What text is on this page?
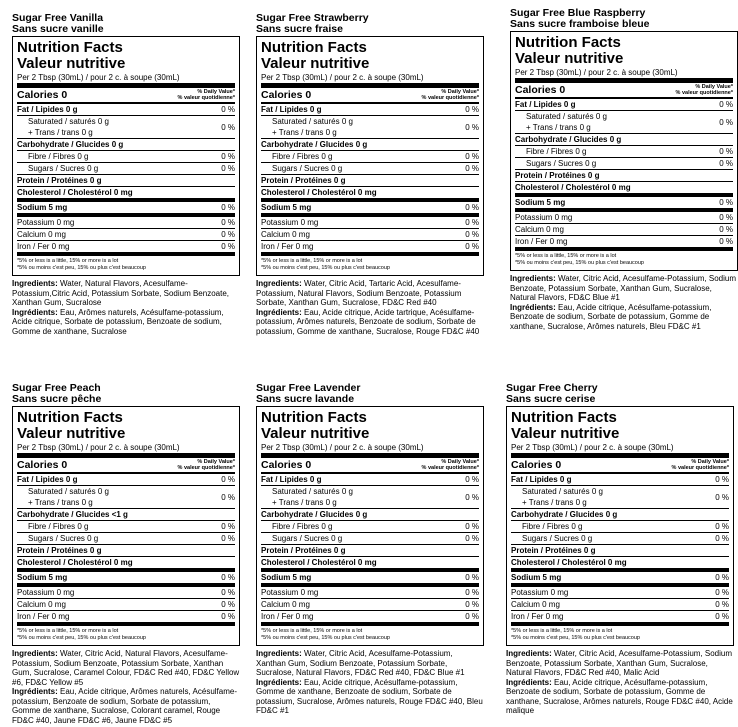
Sugar Free Vanilla
Sans sucre vanille
Nutrition Facts
Valeur nutritive
Per 2 Tbsp (30mL) / pour 2 c. à soupe (30mL)
Calories 0	% Daily Value*
% valeur quotidienne*
Fat / Lipides 0 g	0 %
Saturated / saturés 0 g
+ Trans / trans 0 g
0 %
Carbohydrate / Glucides 0 g
Fibre / Fibres 0 g	0 %
Sugars / Sucres 0 g	0 %
Protein / Protéines 0 g
Cholesterol / Cholestérol 0 mg
Sodium 5 mg	0 %
Potassium 0 mg	0 %
Calcium 0 mg	0 %
Iron / Fer 0 mg	0 %
*5% or less is a little, 15% or more is a lot
*5% ou moins c'est peu, 15% ou plus c'est beaucoup
Ingredients: Water, Natural Flavors, Acesulfame-Potassium,Citric Acid, Potassium Sorbate, Sodium Benzoate, Xanthan Gum, Sucralose
Ingrédients: Eau, Arômes naturels, Acésulfame-potassium, Acide citrique, Sorbate de potassium, Benzoate de sodium, Gomme de xanthane, Sucralose
Sugar Free Strawberry
Sans sucre fraise
Nutrition Facts
Valeur nutritive
Per 2 Tbsp (30mL) / pour 2 c. à soupe (30mL)
Calories 0	% Daily Value*
% valeur quotidienne*
Fat / Lipides 0 g	0 %
Saturated / saturés 0 g
+ Trans / trans 0 g
0 %
Carbohydrate / Glucides 0 g
Fibre / Fibres 0 g	0 %
Sugars / Sucres 0 g	0 %
Protein / Protéines 0 g
Cholesterol / Cholestérol 0 mg
Sodium 5 mg	0 %
Potassium 0 mg	0 %
Calcium 0 mg	0 %
Iron / Fer 0 mg	0 %
*5% or less is a little, 15% or more is a lot
*5% ou moins c'est peu, 15% ou plus c'est beaucoup
Ingredients: Water, Citric Acid, Tartaric Acid, Acesulfame-Potassium, Natural Flavors, Sodium Benzoate, Potassium Sorbate, Xanthan Gum, Sucralose, FD&C Red #40
Ingrédients: Eau, Acide citrique, Acide tartrique, Acésulfame-potassium, Arômes naturels, Benzoate de sodium, Sorbate de potassium, Gomme de xanthane, Sucralose, Rouge FD&C #40
Sugar Free Blue Raspberry
Sans sucre framboise bleue
Nutrition Facts
Valeur nutritive
Per 2 Tbsp (30mL) / pour 2 c. à soupe (30mL)
Calories 0	% Daily Value*
% valeur quotidienne*
Fat / Lipides 0 g	0 %
Saturated / saturés 0 g
+ Trans / trans 0 g
0 %
Carbohydrate / Glucides 0 g
Fibre / Fibres 0 g	0 %
Sugars / Sucres 0 g	0 %
Protein / Protéines 0 g
Cholesterol / Cholestérol 0 mg
Sodium 5 mg	0 %
Potassium 0 mg	0 %
Calcium 0 mg	0 %
Iron / Fer 0 mg	0 %
*5% or less is a little, 15% or more is a lot
*5% ou moins c'est peu, 15% ou plus c'est beaucoup
Ingredients: Water, Citric Acid, Acesulfame-Potassium, Sodium Benzoate, Potassium Sorbate, Xanthan Gum, Sucralose, Natural Flavors, FD&C Blue #1
Ingrédients: Eau, Acide citrique, Acésulfame-potassium, Benzoate de sodium, Sorbate de potassium, Gomme de xanthane, Sucralose, Arômes naturels, Bleu FD&C #1
Sugar Free Peach
Sans sucre pêche
Nutrition Facts
Valeur nutritive
Per 2 Tbsp (30mL) / pour 2 c. à soupe (30mL)
Calories 0	% Daily Value*
% valeur quotidienne*
Fat / Lipides 0 g	0 %
Saturated / saturés 0 g
+ Trans / trans 0 g
0 %
Carbohydrate / Glucides <1 g
Fibre / Fibres 0 g	0 %
Sugars / Sucres 0 g	0 %
Protein / Protéines 0 g
Cholesterol / Cholestérol 0 mg
Sodium 5 mg	0 %
Potassium 0 mg	0 %
Calcium 0 mg	0 %
Iron / Fer 0 mg	0 %
*5% or less is a little, 15% or more is a lot
*5% ou moins c'est peu, 15% ou plus c'est beaucoup
Ingredients: Water, Citric Acid, Natural Flavors, Acesulfame-Potassium, Sodium Benzoate, Potassium Sorbate, Xanthan Gum, Sucralose, Caramel Colour, FD&C Red #40, FD&C Yellow #6, FD&C Yellow #5
Ingrédients: Eau, Acide citrique, Arômes naturels, Acésulfame-potassium, Benzoate de sodium, Sorbate de potassium, Gomme de xanthane, Sucralose, Colorant caramel, Rouge FD&C #40, Jaune FD&C #6, Jaune FD&C #5
Sugar Free Lavender
Sans sucre lavande
Nutrition Facts
Valeur nutritive
Per 2 Tbsp (30mL) / pour 2 c. à soupe (30mL)
Calories 0	% Daily Value*
% valeur quotidienne*
Fat / Lipides 0 g	0 %
Saturated / saturés 0 g
+ Trans / trans 0 g
0 %
Carbohydrate / Glucides 0 g
Fibre / Fibres 0 g	0 %
Sugars / Sucres 0 g	0 %
Protein / Protéines 0 g
Cholesterol / Cholestérol 0 mg
Sodium 5 mg	0 %
Potassium 0 mg	0 %
Calcium 0 mg	0 %
Iron / Fer 0 mg	0 %
*5% or less is a little, 15% or more is a lot
*5% ou moins c'est peu, 15% ou plus c'est beaucoup
Ingredients: Water, Citric Acid, Acesulfame-Potassium, Xanthan Gum, Sodium Benzoate, Potassium Sorbate, Sucralose, Natural Flavors, FD&C Red #40, FD&C Blue #1
Ingrédients: Eau, Acide citrique, Acésulfame-potassium, Gomme de xanthane, Benzoate de sodium, Sorbate de potassium, Sucralose, Arômes naturels, Rouge FD&C #40, Bleu FD&C #1
Sugar Free Cherry
Sans sucre cerise
Nutrition Facts
Valeur nutritive
Per 2 Tbsp (30mL) / pour 2 c. à soupe (30mL)
Calories 0	% Daily Value*
% valeur quotidienne*
Fat / Lipides 0 g	0 %
Saturated / saturés 0 g
+ Trans / trans 0 g
0 %
Carbohydrate / Glucides 0 g
Fibre / Fibres 0 g	0 %
Sugars / Sucres 0 g	0 %
Protein / Protéines 0 g
Cholesterol / Cholestérol 0 mg
Sodium 5 mg	0 %
Potassium 0 mg	0 %
Calcium 0 mg	0 %
Iron / Fer 0 mg	0 %
*5% or less is a little, 15% or more is a lot
*5% ou moins c'est peu, 15% ou plus c'est beaucoup
Ingredients: Water, Citric Acid, Acesulfame-Potassium, Sodium Benzoate, Potassium Sorbate, Xanthan Gum, Sucralose, Natural Flavors, FD&C Red #40, Malic Acid
Ingrédients: Eau, Acide citrique, Acésulfame-potassium, Benzoate de sodium, Sorbate de potassium, Gomme de xanthane, Sucralose, Arômes naturels, Rouge FD&C #40, Acide malique
